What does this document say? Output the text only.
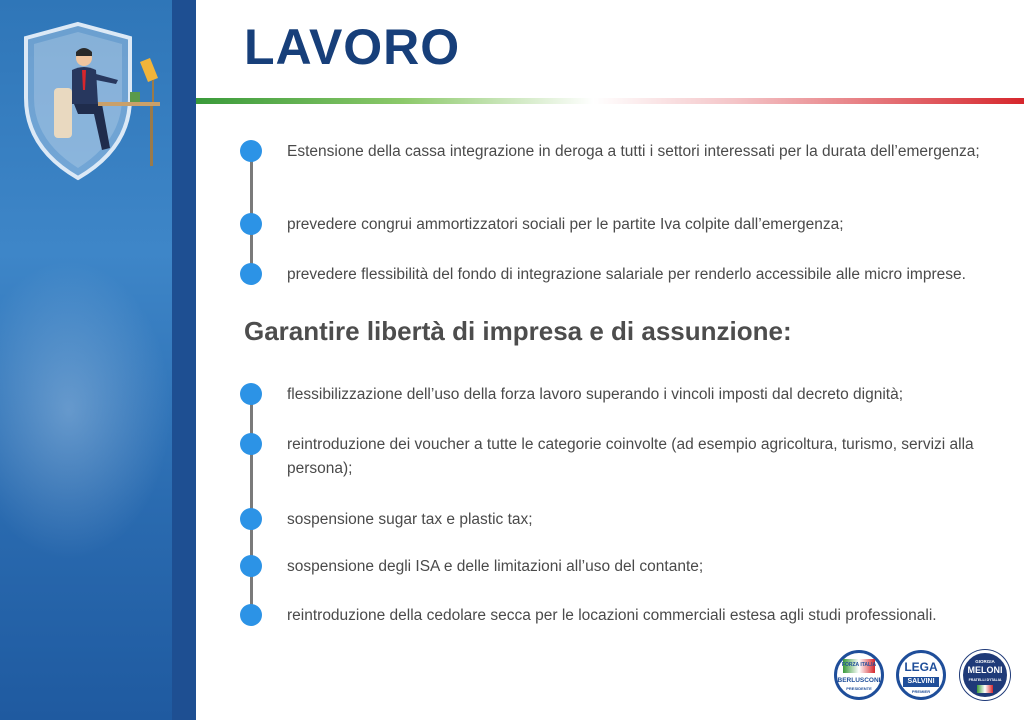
LAVORO
Estensione della cassa integrazione in deroga a tutti i settori interessati per la durata dell’emergenza;
prevedere congrui ammortizzatori sociali per le partite Iva colpite dall’emergenza;
prevedere flessibilità del fondo di integrazione salariale per renderlo accessibile alle micro imprese.
Garantire libertà di impresa e di assunzione:
flessibilizzazione dell’uso della forza lavoro superando i vincoli imposti dal decreto dignità;
reintroduzione dei voucher a tutte le categorie coinvolte (ad esempio agricoltura, turismo, servizi alla persona);
sospensione sugar tax e plastic tax;
sospensione degli ISA e delle limitazioni all’uso del contante;
reintroduzione della cedolare secca per le locazioni commerciali estesa agli studi professionali.
FORZA ITALIA
BERLUSCONI
PRESIDENTE
LEGA
SALVINI
PREMIER
GIORGIA
MELONI
FRATELLI D'ITALIA
